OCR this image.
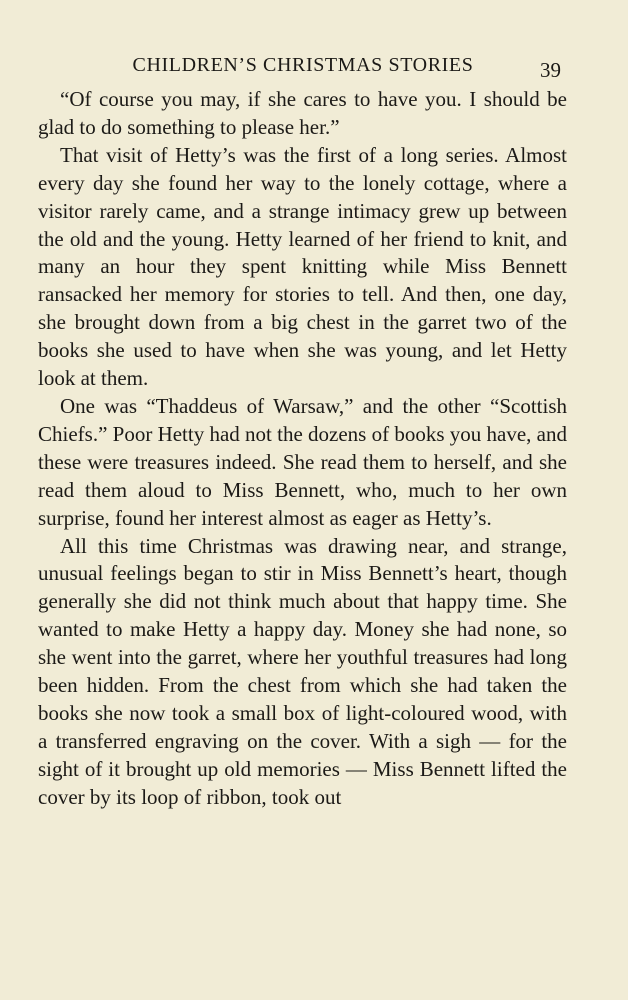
CHILDREN’S CHRISTMAS STORIES	39

“Of course you may, if she cares to have you. I should be glad to do something to please her.”

That visit of Hetty’s was the first of a long series. Almost every day she found her way to the lonely cottage, where a visitor rarely came, and a strange intimacy grew up between the old and the young. Hetty learned of her friend to knit, and many an hour they spent knitting while Miss Bennett ransacked her memory for stories to tell. And then, one day, she brought down from a big chest in the garret two of the books she used to have when she was young, and let Hetty look at them.

One was “Thaddeus of Warsaw,” and the other “Scottish Chiefs.” Poor Hetty had not the dozens of books you have, and these were treasures indeed. She read them to herself, and she read them aloud to Miss Bennett, who, much to her own surprise, found her interest almost as eager as Hetty’s.

All this time Christmas was drawing near, and strange, unusual feelings began to stir in Miss Bennett’s heart, though generally she did not think much about that happy time. She wanted to make Hetty a happy day. Money she had none, so she went into the garret, where her youthful treasures had long been hidden. From the chest from which she had taken the books she now took a small box of light-coloured wood, with a transferred engraving on the cover. With a sigh — for the sight of it brought up old memories — Miss Bennett lifted the cover by its loop of ribbon, took out
